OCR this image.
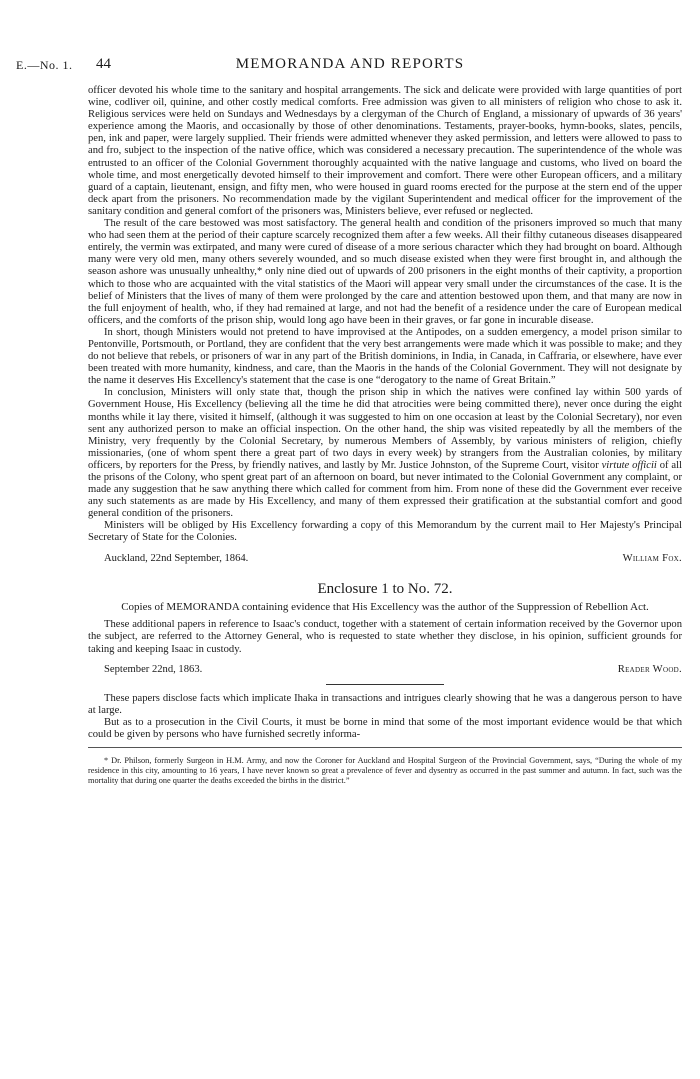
E.—No. 1. 44	MEMORANDA AND REPORTS

officer devoted his whole time to the sanitary and hospital arrangements. The sick and delicate were provided with large quantities of port wine, codliver oil, quinine, and other costly medical comforts. Free admission was given to all ministers of religion who chose to ask it. Religious services were held on Sundays and Wednesdays by a clergyman of the Church of England, a missionary of upwards of 36 years' experience among the Maoris, and occasionally by those of other denominations. Testaments, prayer-books, hymn-books, slates, pencils, pen, ink and paper, were largely supplied. Their friends were admitted whenever they asked permission, and letters were allowed to pass to and fro, subject to the inspection of the native office, which was considered a necessary precaution. The superintendence of the whole was entrusted to an officer of the Colonial Government thoroughly acquainted with the native language and customs, who lived on board the whole time, and most energetically devoted himself to their improvement and comfort. There were other European officers, and a military guard of a captain, lieutenant, ensign, and fifty men, who were housed in guard rooms erected for the purpose at the stern end of the upper deck apart from the prisoners. No recommendation made by the vigilant Superintendent and medical officer for the improvement of the sanitary condition and general comfort of the prisoners was, Ministers believe, ever refused or neglected.

The result of the care bestowed was most satisfactory. The general health and condition of the prisoners improved so much that many who had seen them at the period of their capture scarcely recognized them after a few weeks. All their filthy cutaneous diseases disappeared entirely, the vermin was extirpated, and many were cured of disease of a more serious character which they had brought on board. Although many were very old men, many others severely wounded, and so much disease existed when they were first brought in, and although the season ashore was unusually unhealthy,* only nine died out of upwards of 200 prisoners in the eight months of their captivity, a proportion which to those who are acquainted with the vital statistics of the Maori will appear very small under the circumstances of the case. It is the belief of Ministers that the lives of many of them were prolonged by the care and attention bestowed upon them, and that many are now in the full enjoyment of health, who, if they had remained at large, and not had the benefit of a residence under the care of European medical officers, and the comforts of the prison ship, would long ago have been in their graves, or far gone in incurable disease.

In short, though Ministers would not pretend to have improvised at the Antipodes, on a sudden emergency, a model prison similar to Pentonville, Portsmouth, or Portland, they are confident that the very best arrangements were made which it was possible to make; and they do not believe that rebels, or prisoners of war in any part of the British dominions, in India, in Canada, in Caffraria, or elsewhere, have ever been treated with more humanity, kindness, and care, than the Maoris in the hands of the Colonial Government. They will not designate by the name it deserves His Excellency's statement that the case is one “derogatory to the name of Great Britain.”

In conclusion, Ministers will only state that, though the prison ship in which the natives were confined lay within 500 yards of Government House, His Excellency (believing all the time he did that atrocities were being committed there), never once during the eight months while it lay there, visited it himself, (although it was suggested to him on one occasion at least by the Colonial Secretary), nor even sent any authorized person to make an official inspection. On the other hand, the ship was visited repeatedly by all the members of the Ministry, very frequently by the Colonial Secretary, by numerous Members of Assembly, by various ministers of religion, chiefly missionaries, (one of whom spent there a great part of two days in every week) by strangers from the Australian colonies, by military officers, by reporters for the Press, by friendly natives, and lastly by Mr. Justice Johnston, of the Supreme Court, visitor virtute officii of all the prisons of the Colony, who spent great part of an afternoon on board, but never intimated to the Colonial Government any complaint, or made any suggestion that he saw anything there which called for comment from him. From none of these did the Government ever receive any such statements as are made by His Excellency, and many of them expressed their gratification at the substantial comfort and good general condition of the prisoners.

Ministers will be obliged by His Excellency forwarding a copy of this Memorandum by the current mail to Her Majesty's Principal Secretary of State for the Colonies.

Auckland, 22nd September, 1864.	William Fox.
Enclosure 1 to No. 72.
Copies of MEMORANDA containing evidence that His Excellency was the author of the Suppression of Rebellion Act.

These additional papers in reference to Isaac's conduct, together with a statement of certain information received by the Governor upon the subject, are referred to the Attorney General, who is requested to state whether they disclose, in his opinion, sufficient grounds for taking and keeping Isaac in custody.

September 22nd, 1863.	Reader Wood.

These papers disclose facts which implicate Ihaka in transactions and intrigues clearly showing that he was a dangerous person to have at large.

But as to a prosecution in the Civil Courts, it must be borne in mind that some of the most important evidence would be that which could be given by persons who have furnished secretly informa-

* Dr. Philson, formerly Surgeon in H.M. Army, and now the Coroner for Auckland and Hospital Surgeon of the Provincial Government, says, “During the whole of my residence in this city, amounting to 16 years, I have never known so great a prevalence of fever and dysentry as occurred in the past summer and autumn. In fact, such was the mortality that during one quarter the deaths exceeded the births in the district.”
